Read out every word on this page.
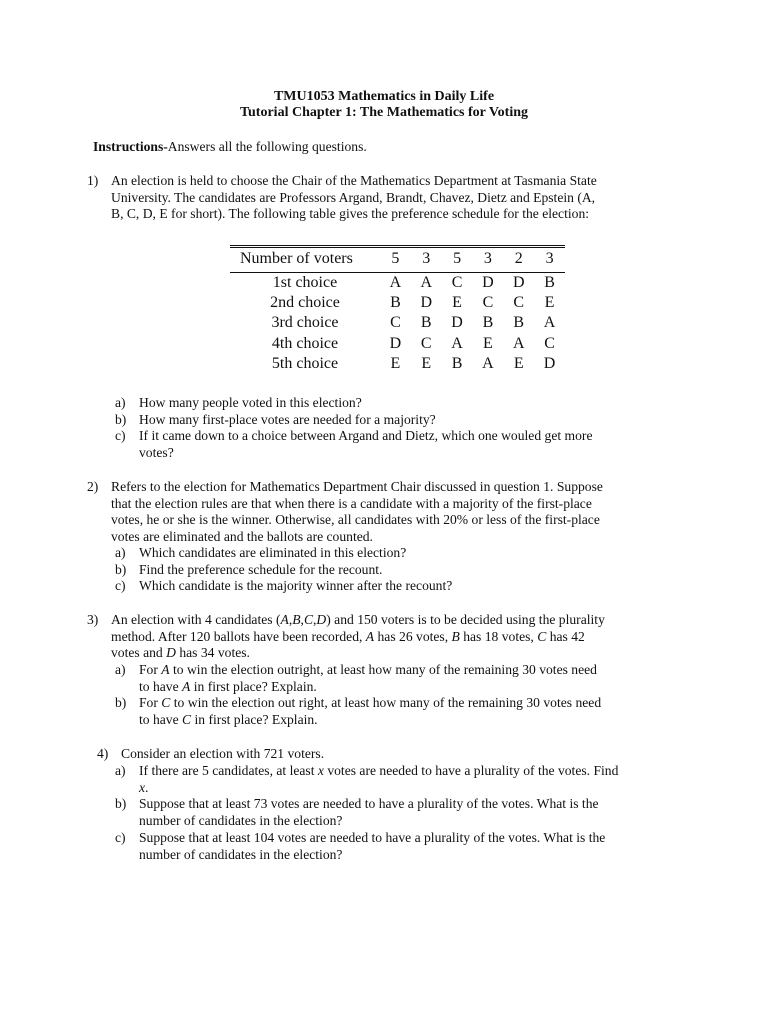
TMU1053 Mathematics in Daily Life
Tutorial Chapter 1: The Mathematics for Voting
Instructions-Answers all the following questions.
1) An election is held to choose the Chair of the Mathematics Department at Tasmania State
University. The candidates are Professors Argand, Brandt, Chavez, Dietz and Epstein (A,
B, C, D, E for short). The following table gives the preference schedule for the election:
Number of voters	5	3	5	3	2	3
1st choice	A	A	C	D	D	B
2nd choice	B	D	E	C	C	E
3rd choice	C	B	D	B	B	A
4th choice	D	C	A	E	A	C
5th choice	E	E	B	A	E	D
a) How many people voted in this election?
b) How many first-place votes are needed for a majority?
c) If it came down to a choice between Argand and Dietz, which one wouled get more
votes?
2) Refers to the election for Mathematics Department Chair discussed in question 1. Suppose
that the election rules are that when there is a candidate with a majority of the first-place
votes, he or she is the winner. Otherwise, all candidates with 20% or less of the first-place
votes are eliminated and the ballots are counted.
a) Which candidates are eliminated in this election?
b) Find the preference schedule for the recount.
c) Which candidate is the majority winner after the recount?
3) An election with 4 candidates (A,B,C,D) and 150 voters is to be decided using the plurality
method. After 120 ballots have been recorded, A has 26 votes, B has 18 votes, C has 42
votes and D has 34 votes.
a) For A to win the election outright, at least how many of the remaining 30 votes need
to have A in first place? Explain.
b) For C to win the election out right, at least how many of the remaining 30 votes need
to have C in first place? Explain.
4) Consider an election with 721 voters.
a) If there are 5 candidates, at least x votes are needed to have a plurality of the votes. Find
x.
b) Suppose that at least 73 votes are needed to have a plurality of the votes. What is the
number of candidates in the election?
c) Suppose that at least 104 votes are needed to have a plurality of the votes. What is the
number of candidates in the election?
